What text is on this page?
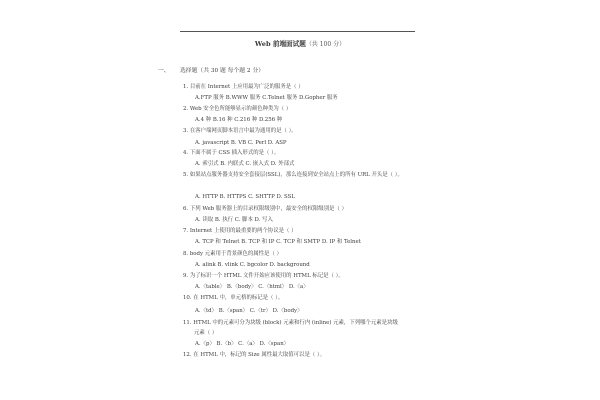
Web 前端面试题（共 100 分）
一、 选择题（共 30 题 每个题 2 分）
1. 目前在 Internet 上应用最为广泛的服务是（ ）
A.FTP 服务 B.WWW 服务 C.Telnet 服务 D.Gopher 服务
2. Web 安全色所能够显示的颜色种类为（ ）
A.4 种 B.16 种 C.216 种 D.256 种
3. 在客户端网页脚本语言中最为通用的是（ ）。
A. javascript B. VB C. Perl D. ASP
4. 下面不属于 CSS 插入形式的是（ ）。
A. 索引式 B. 内联式 C. 嵌入式 D. 外部式
5. 如果站点服务器支持安全套接层(SSL)，那么连接到安全站点上的所有 URL 开头是（ ）。
A. HTTP B. HTTPS C. SHTTP D. SSL
6. 下列 Web 服务器上的目录权限级别中，最安全的权限级别是（ ）
A. 读取 B. 执行 C. 脚本 D. 写入
7. Internet 上使用的最重要的两个协议是（ ）
A. TCP 和 Telnet B. TCP 和 IP C. TCP 和 SMTP D. IP 和 Telnet
8. body 元素用于背景颜色的属性是（ ）
A. alink B. vlink C. bgcolor D. background
9. 为了标识一个 HTML 文件开始应该使用的 HTML 标记是（ ）。
A.〈table〉 B.〈body〉 C.〈html〉 D.〈a〉
10. 在 HTML 中，单元格的标记是（ ）。
A.〈td〉 B.〈span〉 C.〈tr〉 D.〈body〉
11. HTML 中的元素可分为块级 (block) 元素和行内 (inline) 元素，下列哪个元素是块级
元素（ ）
A.〈p〉 B.〈b〉 C.〈a〉 D.〈span〉
12. 在 HTML 中，标记的 Size 属性最大取值可以是（ ）。
